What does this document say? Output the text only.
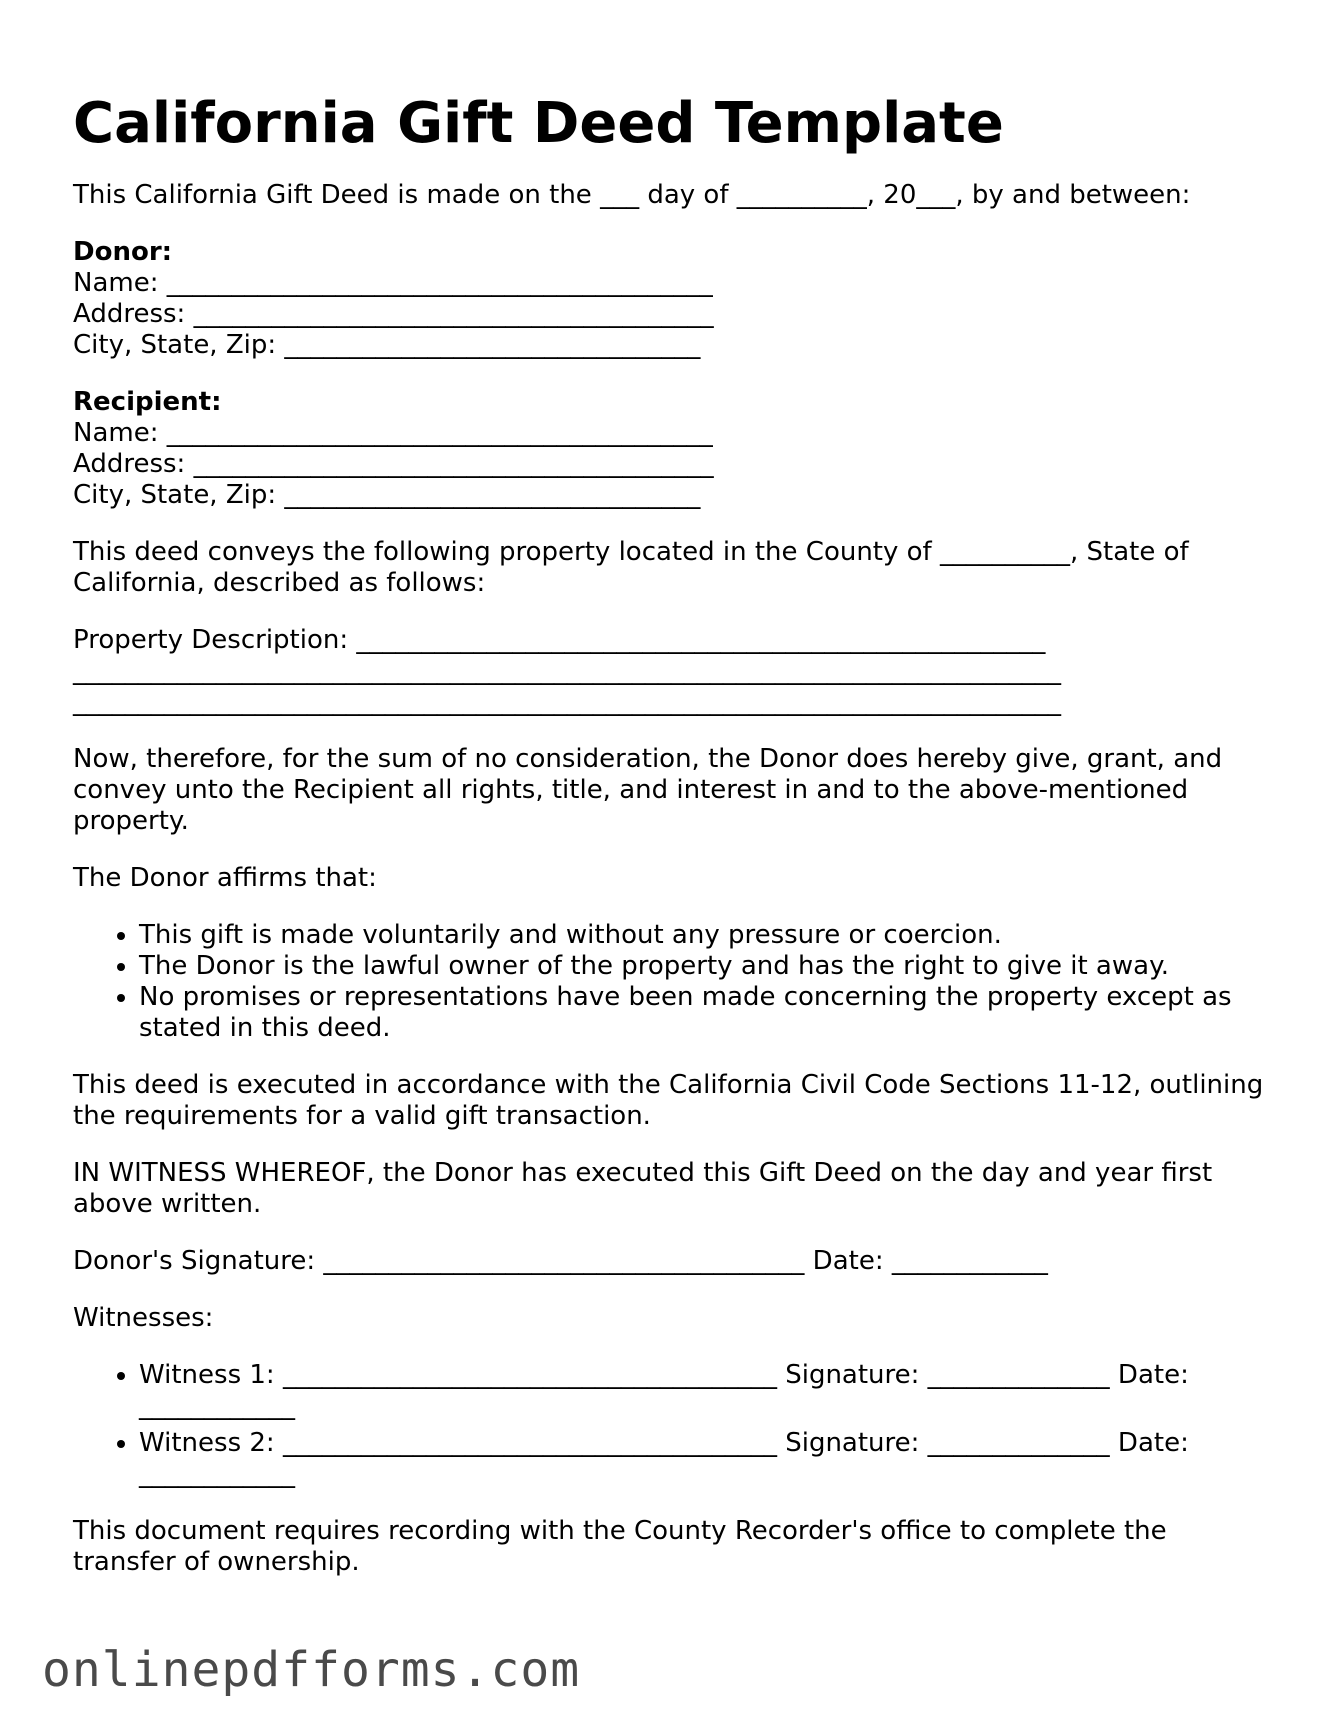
California Gift Deed Template

This California Gift Deed is made on the ___ day of __________, 20___, by and between:

Donor:
Name: __________________________________________
Address: ________________________________________
City, State, Zip: ________________________________
Recipient:
Name: __________________________________________
Address: ________________________________________
City, State, Zip: ________________________________

This deed conveys the following property located in the County of __________, State of California, described as follows:

Property Description: _____________________________________________________
____________________________________________________________________________
____________________________________________________________________________

Now, therefore, for the sum of no consideration, the Donor does hereby give, grant, and convey unto the Recipient all rights, title, and interest in and to the above-mentioned property.

The Donor affirms that:

• This gift is made voluntarily and without any pressure or coercion.
• The Donor is the lawful owner of the property and has the right to give it away.
• No promises or representations have been made concerning the property except as stated in this deed.

This deed is executed in accordance with the California Civil Code Sections 11-12, outlining the requirements for a valid gift transaction.

IN WITNESS WHEREOF, the Donor has executed this Gift Deed on the day and year first above written.

Donor's Signature: _____________________________________ Date: ____________

Witnesses:

• Witness 1: ______________________________________ Signature: ______________ Date: ____________
• Witness 2: ______________________________________ Signature: ______________ Date: ____________

This document requires recording with the County Recorder's office to complete the transfer of ownership.

onlinepdfforms.com
